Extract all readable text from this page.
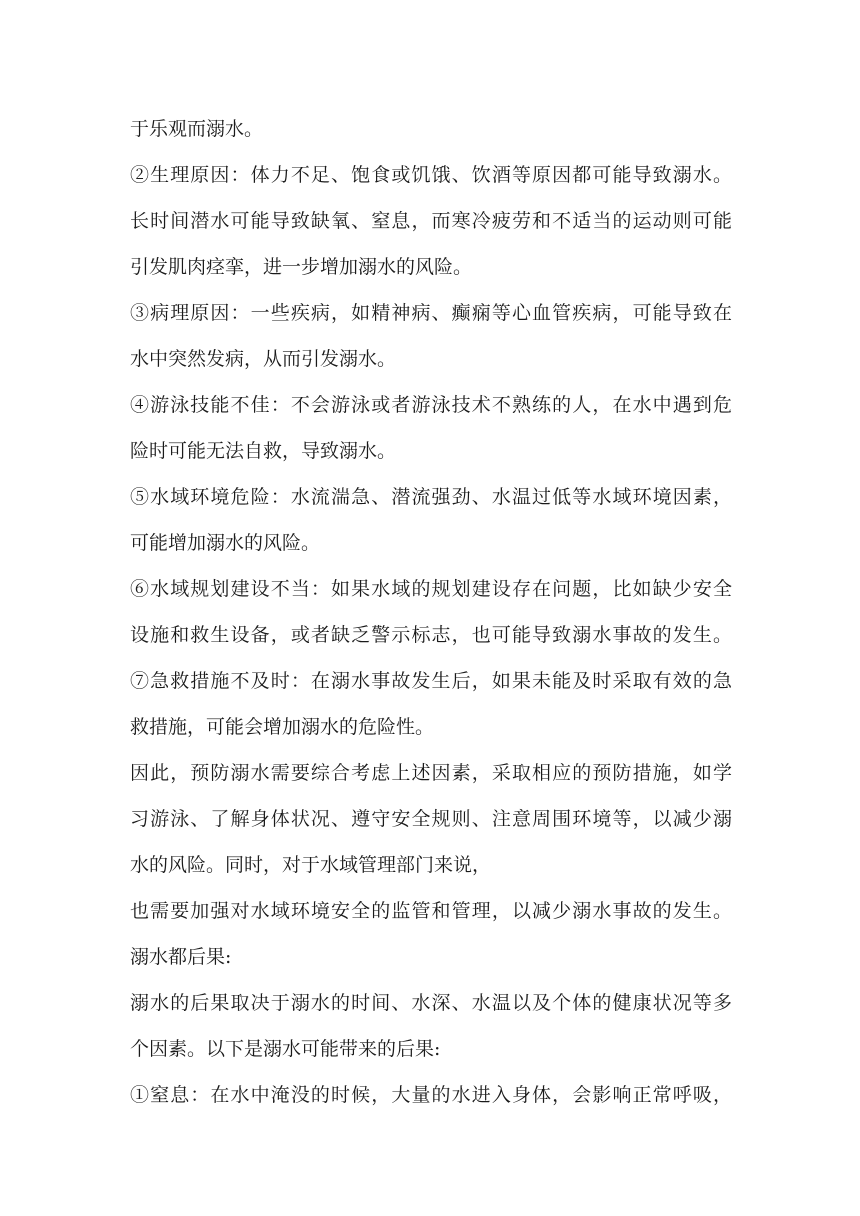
于乐观而溺水。
②生理原因：体力不足、饱食或饥饿、饮酒等原因都可能导致溺水。
长时间潜水可能导致缺氧、窒息，而寒冷疲劳和不适当的运动则可能
引发肌肉痉挛，进一步增加溺水的风险。
③病理原因：一些疾病，如精神病、癫痫等心血管疾病，可能导致在
水中突然发病，从而引发溺水。
④游泳技能不佳：不会游泳或者游泳技术不熟练的人，在水中遇到危
险时可能无法自救，导致溺水。
⑤水域环境危险：水流湍急、潜流强劲、水温过低等水域环境因素，
可能增加溺水的风险。
⑥水域规划建设不当：如果水域的规划建设存在问题，比如缺少安全
设施和救生设备，或者缺乏警示标志，也可能导致溺水事故的发生。
⑦急救措施不及时：在溺水事故发生后，如果未能及时采取有效的急
救措施，可能会增加溺水的危险性。
因此，预防溺水需要综合考虑上述因素，采取相应的预防措施，如学
习游泳、了解身体状况、遵守安全规则、注意周围环境等，以减少溺
水的风险。同时，对于水域管理部门来说，
也需要加强对水域环境安全的监管和管理，以减少溺水事故的发生。
溺水都后果:
溺水的后果取决于溺水的时间、水深、水温以及个体的健康状况等多
个因素。以下是溺水可能带来的后果:
①窒息：在水中淹没的时候，大量的水进入身体，会影响正常呼吸，
